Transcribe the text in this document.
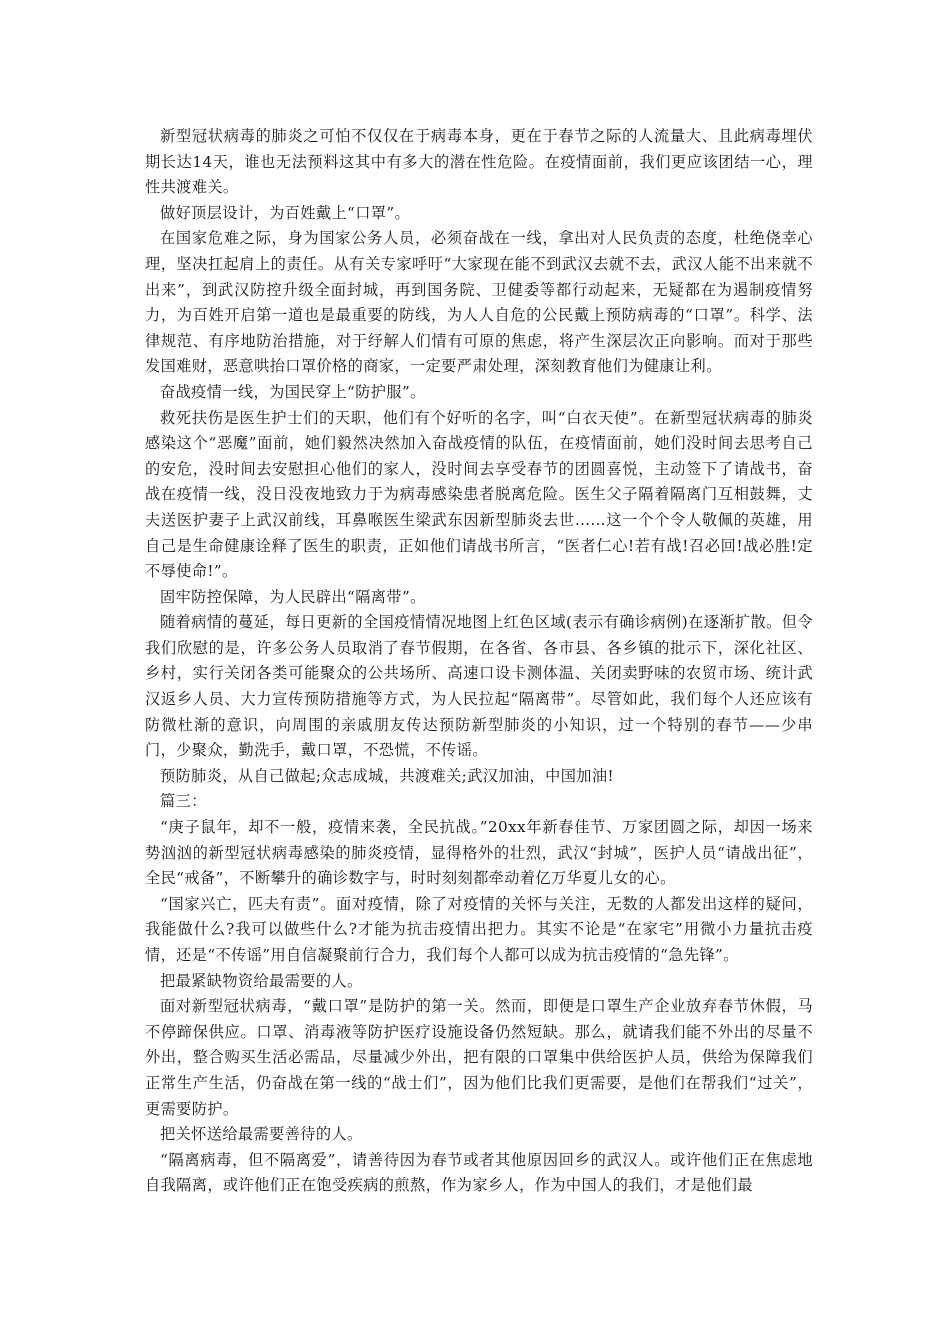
新型冠状病毒的肺炎之可怕不仅仅在于病毒本身，更在于春节之际的人流量大、且此病毒埋伏期长达14天，谁也无法预料这其中有多大的潜在性危险。在疫情面前，我们更应该团结一心，理性共渡难关。

做好顶层设计，为百姓戴上“口罩”。

在国家危难之际，身为国家公务人员，必须奋战在一线，拿出对人民负责的态度，杜绝侥幸心理，坚决扛起肩上的责任。从有关专家呼吁“大家现在能不到武汉去就不去，武汉人能不出来就不出来”，到武汉防控升级全面封城，再到国务院、卫健委等都行动起来，无疑都在为遏制疫情努力，为百姓开启第一道也是最重要的防线，为人人自危的公民戴上预防病毒的“口罩”。科学、法律规范、有序地防治措施，对于纾解人们情有可原的焦虑，将产生深层次正向影响。而对于那些发国难财，恶意哄抬口罩价格的商家，一定要严肃处理，深刻教育他们为健康让利。

奋战疫情一线，为国民穿上“防护服”。

救死扶伤是医生护士们的天职，他们有个好听的名字，叫“白衣天使”。在新型冠状病毒的肺炎感染这个“恶魔”面前，她们毅然决然加入奋战疫情的队伍，在疫情面前，她们没时间去思考自己的安危，没时间去安慰担心他们的家人，没时间去享受春节的团圆喜悦，主动签下了请战书，奋战在疫情一线，没日没夜地致力于为病毒感染患者脱离危险。医生父子隔着隔离门互相鼓舞，丈夫送医护妻子上武汉前线，耳鼻喉医生梁武东因新型肺炎去世……这一个个令人敬佩的英雄，用自己是生命健康诠释了医生的职责，正如他们请战书所言，“医者仁心!若有战!召必回!战必胜!定不辱使命!”。

固牢防控保障，为人民辟出“隔离带”。

随着病情的蔓延，每日更新的全国疫情情况地图上红色区域(表示有确诊病例)在逐渐扩散。但令我们欣慰的是，许多公务人员取消了春节假期，在各省、各市县、各乡镇的批示下，深化社区、乡村，实行关闭各类可能聚众的公共场所、高速口设卡测体温、关闭卖野味的农贸市场、统计武汉返乡人员、大力宣传预防措施等方式，为人民拉起“隔离带”。尽管如此，我们每个人还应该有防微杜渐的意识，向周围的亲戚朋友传达预防新型肺炎的小知识，过一个特别的春节——少串门，少聚众，勤洗手，戴口罩，不恐慌，不传谣。

预防肺炎，从自己做起;众志成城，共渡难关;武汉加油，中国加油!

篇三：

“庚子鼠年，却不一般，疫情来袭，全民抗战。”20xx年新春佳节、万家团圆之际，却因一场来势汹汹的新型冠状病毒感染的肺炎疫情，显得格外的壮烈，武汉“封城”，医护人员“请战出征”，全民“戒备”，不断攀升的确诊数字与，时时刻刻都牵动着亿万华夏儿女的心。

“国家兴亡，匹夫有责”。面对疫情，除了对疫情的关怀与关注，无数的人都发出这样的疑问，我能做什么?我可以做些什么?才能为抗击疫情出把力。其实不论是“在家宅”用微小力量抗击疫情，还是“不传谣”用自信凝聚前行合力，我们每个人都可以成为抗击疫情的“急先锋”。

把最紧缺物资给最需要的人。

面对新型冠状病毒，“戴口罩”是防护的第一关。然而，即便是口罩生产企业放弃春节休假，马不停蹄保供应。口罩、消毒液等防护医疗设施设备仍然短缺。那么，就请我们能不外出的尽量不外出，整合购买生活必需品，尽量减少外出，把有限的口罩集中供给医护人员，供给为保障我们正常生产生活，仍奋战在第一线的“战士们”，因为他们比我们更需要，是他们在帮我们“过关”，更需要防护。

把关怀送给最需要善待的人。

“隔离病毒，但不隔离爱”，请善待因为春节或者其他原因回乡的武汉人。或许他们正在焦虑地自我隔离，或许他们正在饱受疾病的煎熬，作为家乡人，作为中国人的我们，才是他们最
